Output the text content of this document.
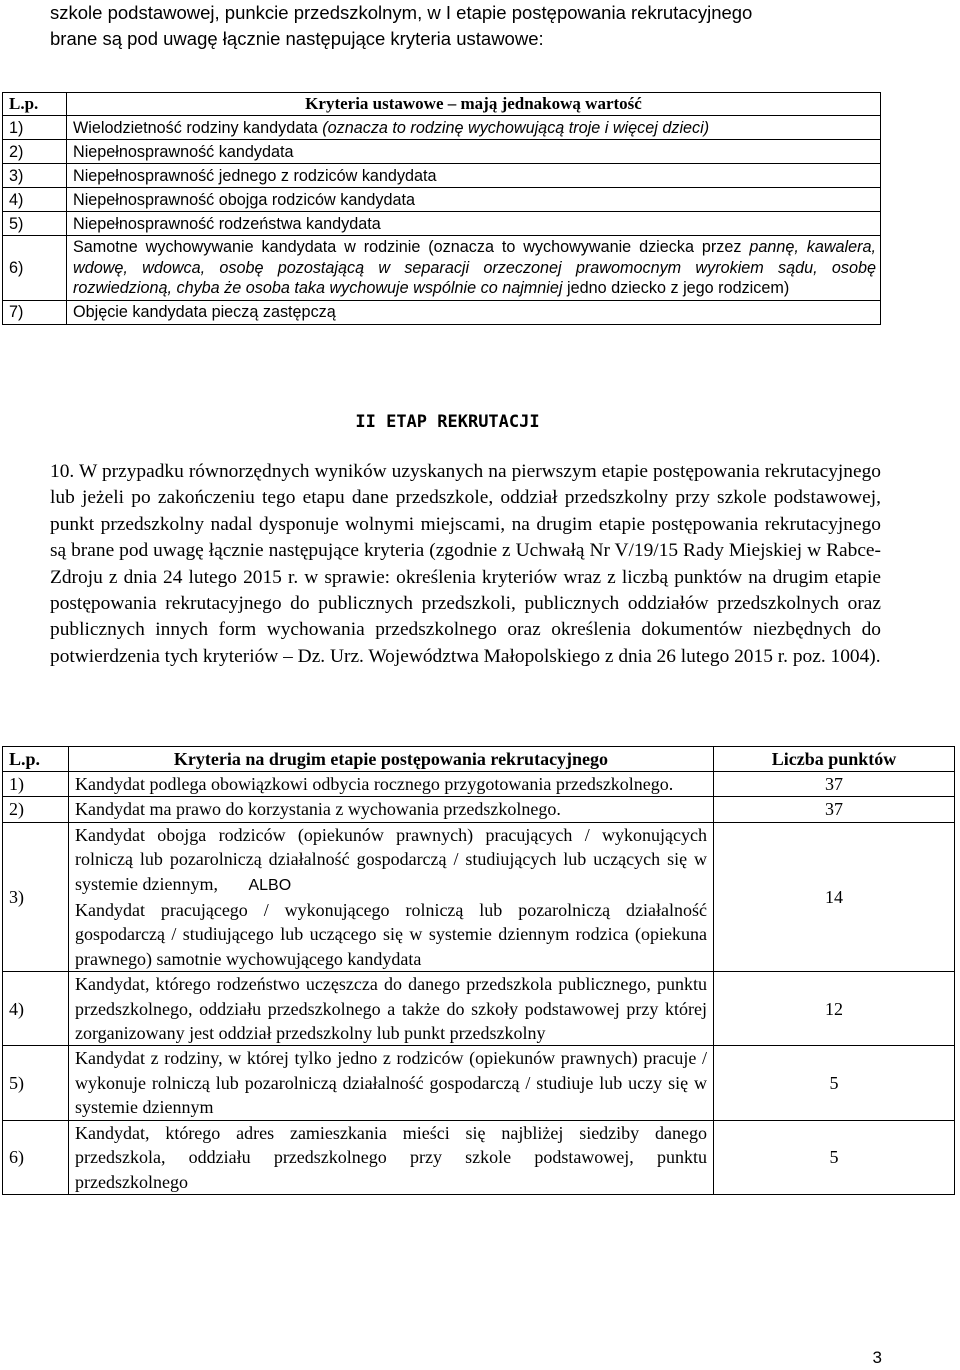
szkole podstawowej, punkcie przedszkolnym, w I etapie postępowania rekrutacyjnego
brane są pod uwagę łącznie następujące kryteria ustawowe:
L.p.	Kryteria ustawowe – mają jednakową wartość
1)	Wielodzietność rodziny kandydata (oznacza to rodzinę wychowującą troje i więcej dzieci)
2)	Niepełnosprawność kandydata
3)	Niepełnosprawność jednego z rodziców kandydata
4)	Niepełnosprawność obojga rodziców kandydata
5)	Niepełnosprawność rodzeństwa kandydata
6)	Samotne wychowywanie kandydata w rodzinie (oznacza to wychowywanie dziecka przez pannę, kawalera, wdowę, wdowca, osobę pozostającą w separacji orzeczonej prawomocnym wyrokiem sądu, osobę rozwiedzioną, chyba że osoba taka wychowuje wspólnie co najmniej jedno dziecko z jego rodzicem)
7)	Objęcie kandydata pieczą zastępczą
II ETAP REKRUTACJI
10. W przypadku równorzędnych wyników uzyskanych na pierwszym etapie postępowania rekrutacyjnego lub jeżeli po zakończeniu tego etapu dane przedszkole, oddział przedszkolny przy szkole podstawowej, punkt przedszkolny nadal dysponuje wolnymi miejscami, na drugim etapie postępowania rekrutacyjnego są brane pod uwagę łącznie następujące kryteria (zgodnie z Uchwałą Nr V/19/15 Rady Miejskiej w Rabce-Zdroju z dnia 24 lutego 2015 r. w sprawie: określenia kryteriów wraz z liczbą punktów na drugim etapie postępowania rekrutacyjnego do publicznych przedszkoli, publicznych oddziałów przedszkolnych oraz publicznych innych form wychowania przedszkolnego oraz określenia dokumentów niezbędnych do potwierdzenia tych kryteriów – Dz. Urz. Województwa Małopolskiego z dnia 26 lutego 2015 r. poz. 1004).
L.p.	Kryteria na drugim etapie postępowania rekrutacyjnego	Liczba punktów
1)	Kandydat podlega obowiązkowi odbycia rocznego przygotowania przedszkolnego.	37
2)	Kandydat ma prawo do korzystania z wychowania przedszkolnego.	37
3)	Kandydat obojga rodziców (opiekunów prawnych) pracujących / wykonujących rolniczą lub pozarolniczą działalność gospodarczą / studiujących lub uczących się w systemie dziennym, ALBO
Kandydat pracującego / wykonującego rolniczą lub pozarolniczą działalność gospodarczą / studiującego lub uczącego się w systemie dziennym rodzica (opiekuna prawnego) samotnie wychowującego kandydata	14
4)	Kandydat, którego rodzeństwo uczęszcza do danego przedszkola publicznego, punktu przedszkolnego, oddziału przedszkolnego a także do szkoły podstawowej przy której zorganizowany jest oddział przedszkolny lub punkt przedszkolny	12
5)	Kandydat z rodziny, w której tylko jedno z rodziców (opiekunów prawnych) pracuje / wykonuje rolniczą lub pozarolniczą działalność gospodarczą / studiuje lub uczy się w systemie dziennym	5
6)	Kandydat, którego adres zamieszkania mieści się najbliżej siedziby danego przedszkola, oddziału przedszkolnego przy szkole podstawowej, punktu przedszkolnego	5
3
